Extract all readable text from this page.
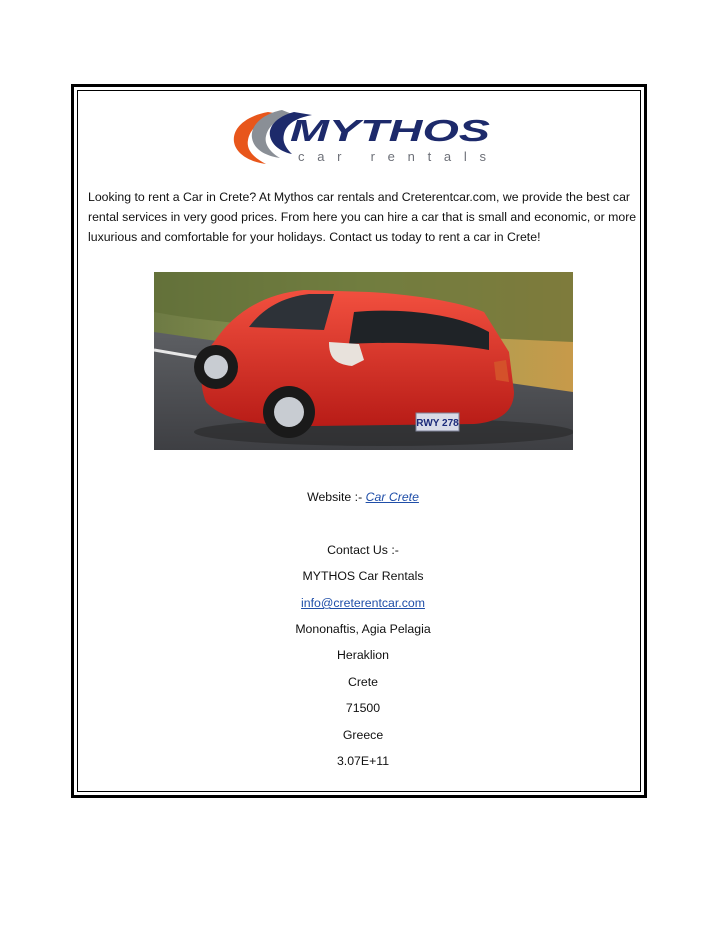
MYTHOS
car rentals

Looking to rent a Car in Crete? At Mythos car rentals and Creterentcar.com, we provide the best car rental services in very good prices. From here you can hire a car that is small and economic, or more luxurious and comfortable for your holidays. Contact us today to rent a car in Crete!

RWY 278
Website :- Car Crete
Contact Us :-
MYTHOS Car Rentals
info@creterentcar.com
Mononaftis, Agia Pelagia
Heraklion
Crete
71500
Greece
3.07E+11
